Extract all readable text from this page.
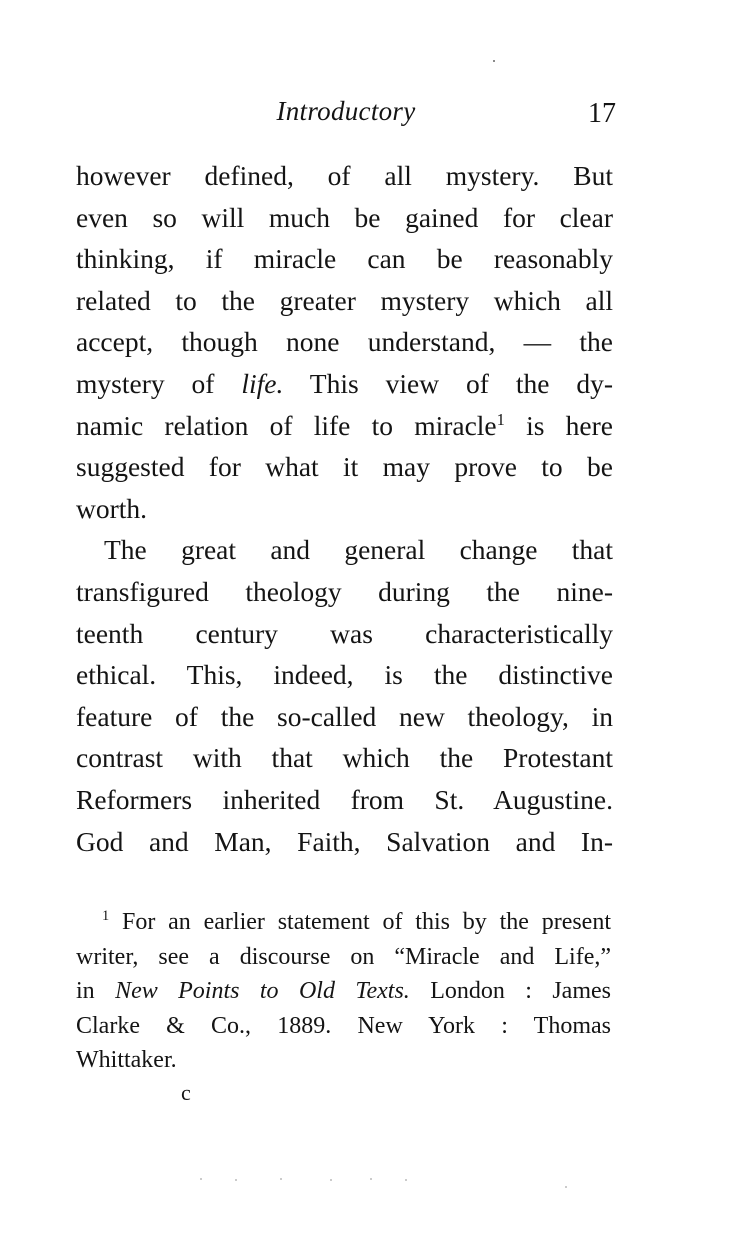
Introductory	17
however defined, of all mystery. But
even so will much be gained for clear
thinking, if miracle can be reasonably
related to the greater mystery which all
accept, though none understand, — the
mystery of life. This view of the dy-
namic relation of life to miracle$^1$ is here
suggested for what it may prove to be
worth.
The great and general change that
transfigured theology during the nine-
teenth century was characteristically
ethical. This, indeed, is the distinctive
feature of the so-called new theology, in
contrast with that which the Protestant
Reformers inherited from St. Augustine.
God and Man, Faith, Salvation and In-
$^1$ For an earlier statement of this by the present
writer, see a discourse on “Miracle and Life,”
in New Points to Old Texts. London : James
Clarke & Co., 1889. New York : Thomas
Whittaker.
c
